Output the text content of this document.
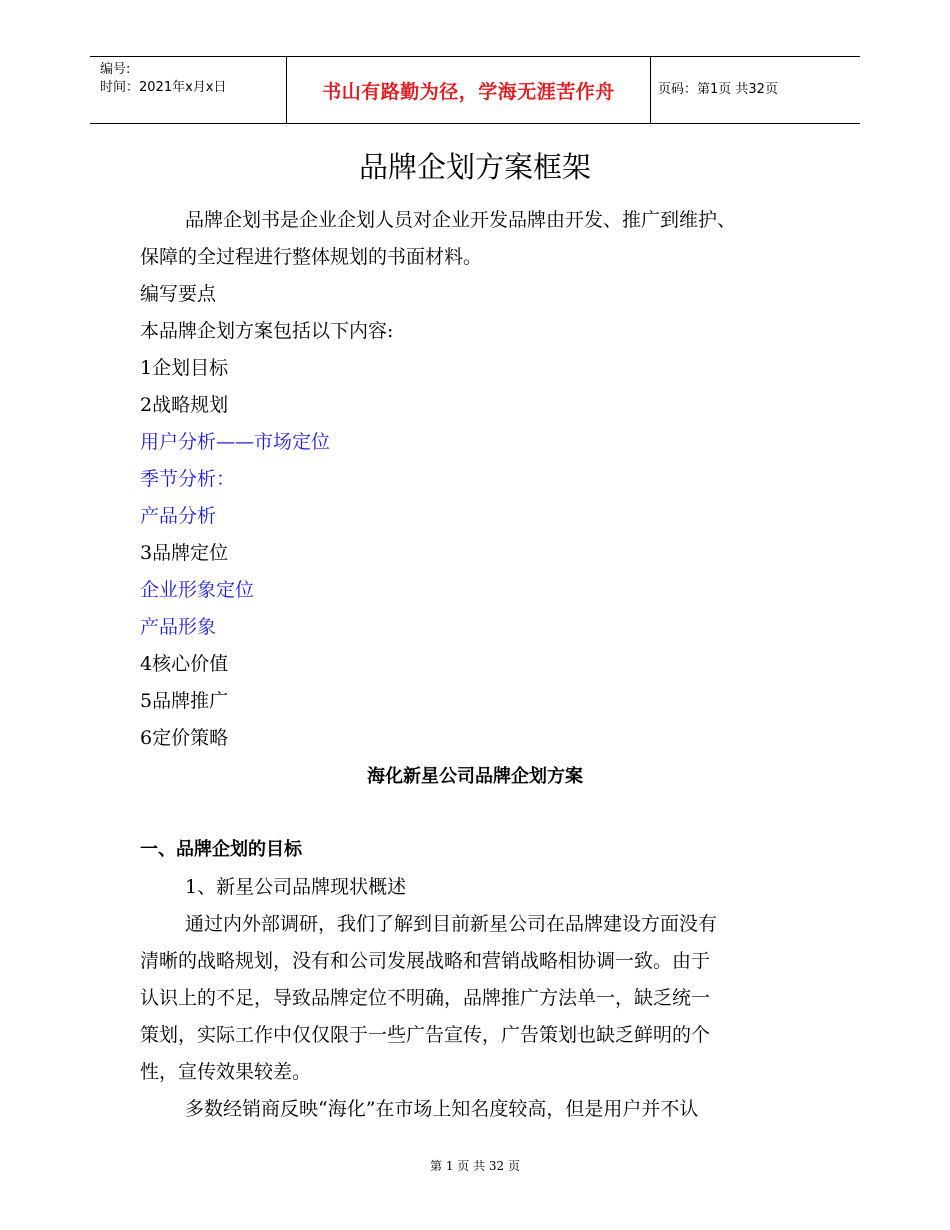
编号:
时间：2021年x月x日	书山有路勤为径，学海无涯苦作舟	页码：第1页 共32页
品牌企划方案框架
品牌企划书是企业企划人员对企业开发品牌由开发、推广到维护、
保障的全过程进行整体规划的书面材料。
编写要点
本品牌企划方案包括以下内容:
1企划目标
2战略规划
用户分析——市场定位
季节分析：
产品分析
3品牌定位
企业形象定位
产品形象
4核心价值
5品牌推广
6定价策略
海化新星公司品牌企划方案
一、品牌企划的目标
1、新星公司品牌现状概述
通过内外部调研，我们了解到目前新星公司在品牌建设方面没有
清晰的战略规划，没有和公司发展战略和营销战略相协调一致。由于
认识上的不足，导致品牌定位不明确，品牌推广方法单一，缺乏统一
策划，实际工作中仅仅限于一些广告宣传，广告策划也缺乏鲜明的个
性，宣传效果较差。
多数经销商反映“海化”在市场上知名度较高，但是用户并不认
第 1 页 共 32 页
